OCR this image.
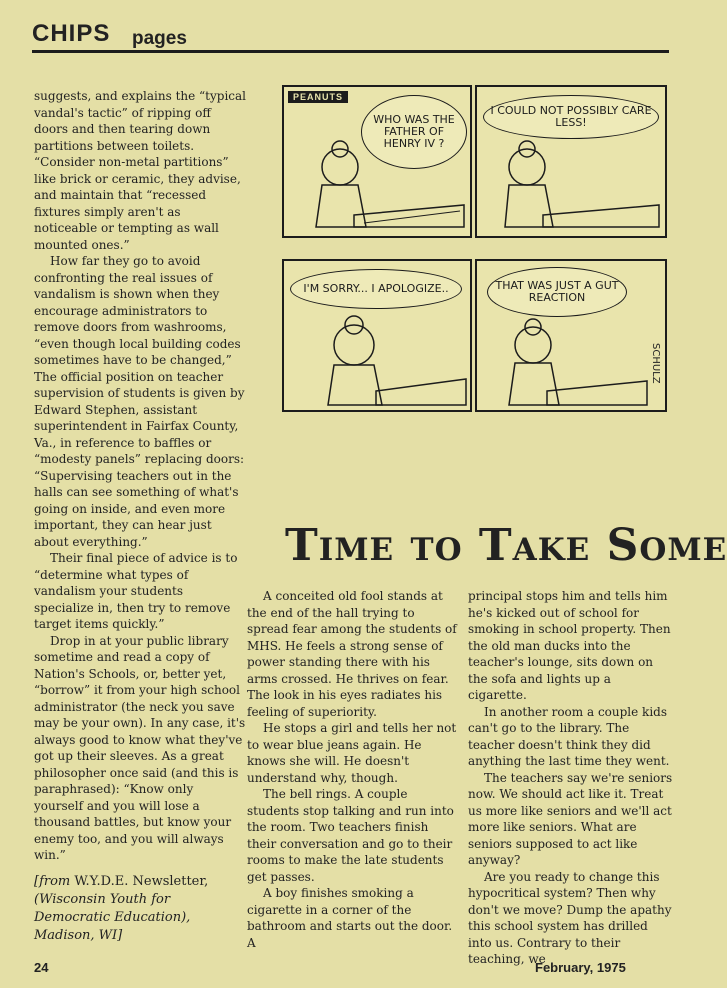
CHIPS pages

suggests, and explains the “typical vandal's tactic” of ripping off doors and then tearing down partitions between toilets. “Consider non-metal partitions” like brick or ceramic, they advise, and maintain that “recessed fixtures simply aren't as noticeable or tempting as wall mounted ones.”

How far they go to avoid confronting the real issues of vandalism is shown when they encourage administrators to remove doors from washrooms, “even though local building codes sometimes have to be changed,” The official position on teacher supervision of students is given by Edward Stephen, assistant superintendent in Fairfax County, Va., in reference to baffles or “modesty panels” replacing doors: “Supervising teachers out in the halls can see something of what's going on inside, and even more important, they can hear just about everything.”

Their final piece of advice is to “determine what types of vandalism your students specialize in, then try to remove target items quickly.”

Drop in at your public library sometime and read a copy of Nation's Schools, or, better yet, “borrow” it from your high school administrator (the neck you save may be your own). In any case, it's always good to know what they've got up their sleeves. As a great philosopher once said (and this is paraphrased): “Know only yourself and you will lose a thousand battles, but know your enemy too, and you will always win.”

[from W.Y.D.E. Newsletter, (Wisconsin Youth for Democratic Education), Madison, WI]
PEANUTS
WHO WAS THE FATHER OF HENRY IV ?
I COULD NOT POSSIBLY CARE LESS!
I'M SORRY... I APOLOGIZE..	THAT WAS JUST A GUT REACTION
SCHULZ
Time to Take Some

A conceited old fool stands at the end of the hall trying to spread fear among the students of MHS. He feels a strong sense of power standing there with his arms crossed. He thrives on fear. The look in his eyes radiates his feeling of superiority.

He stops a girl and tells her not to wear blue jeans again. He knows she will. He doesn't understand why, though.

The bell rings. A couple students stop talking and run into the room. Two teachers finish their conversation and go to their rooms to make the late students get passes.

A boy finishes smoking a cigarette in a corner of the bathroom and starts out the door. A

principal stops him and tells him he's kicked out of school for smoking in school property. Then the old man ducks into the teacher's lounge, sits down on the sofa and lights up a cigarette.

In another room a couple kids can't go to the library. The teacher doesn't think they did anything the last time they went.

The teachers say we're seniors now. We should act like it. Treat us more like seniors and we'll act more like seniors. What are seniors supposed to act like anyway?

Are you ready to change this hypocritical system? Then why don't we move? Dump the apathy this school system has drilled into us. Contrary to their teaching, we

24	February, 1975
